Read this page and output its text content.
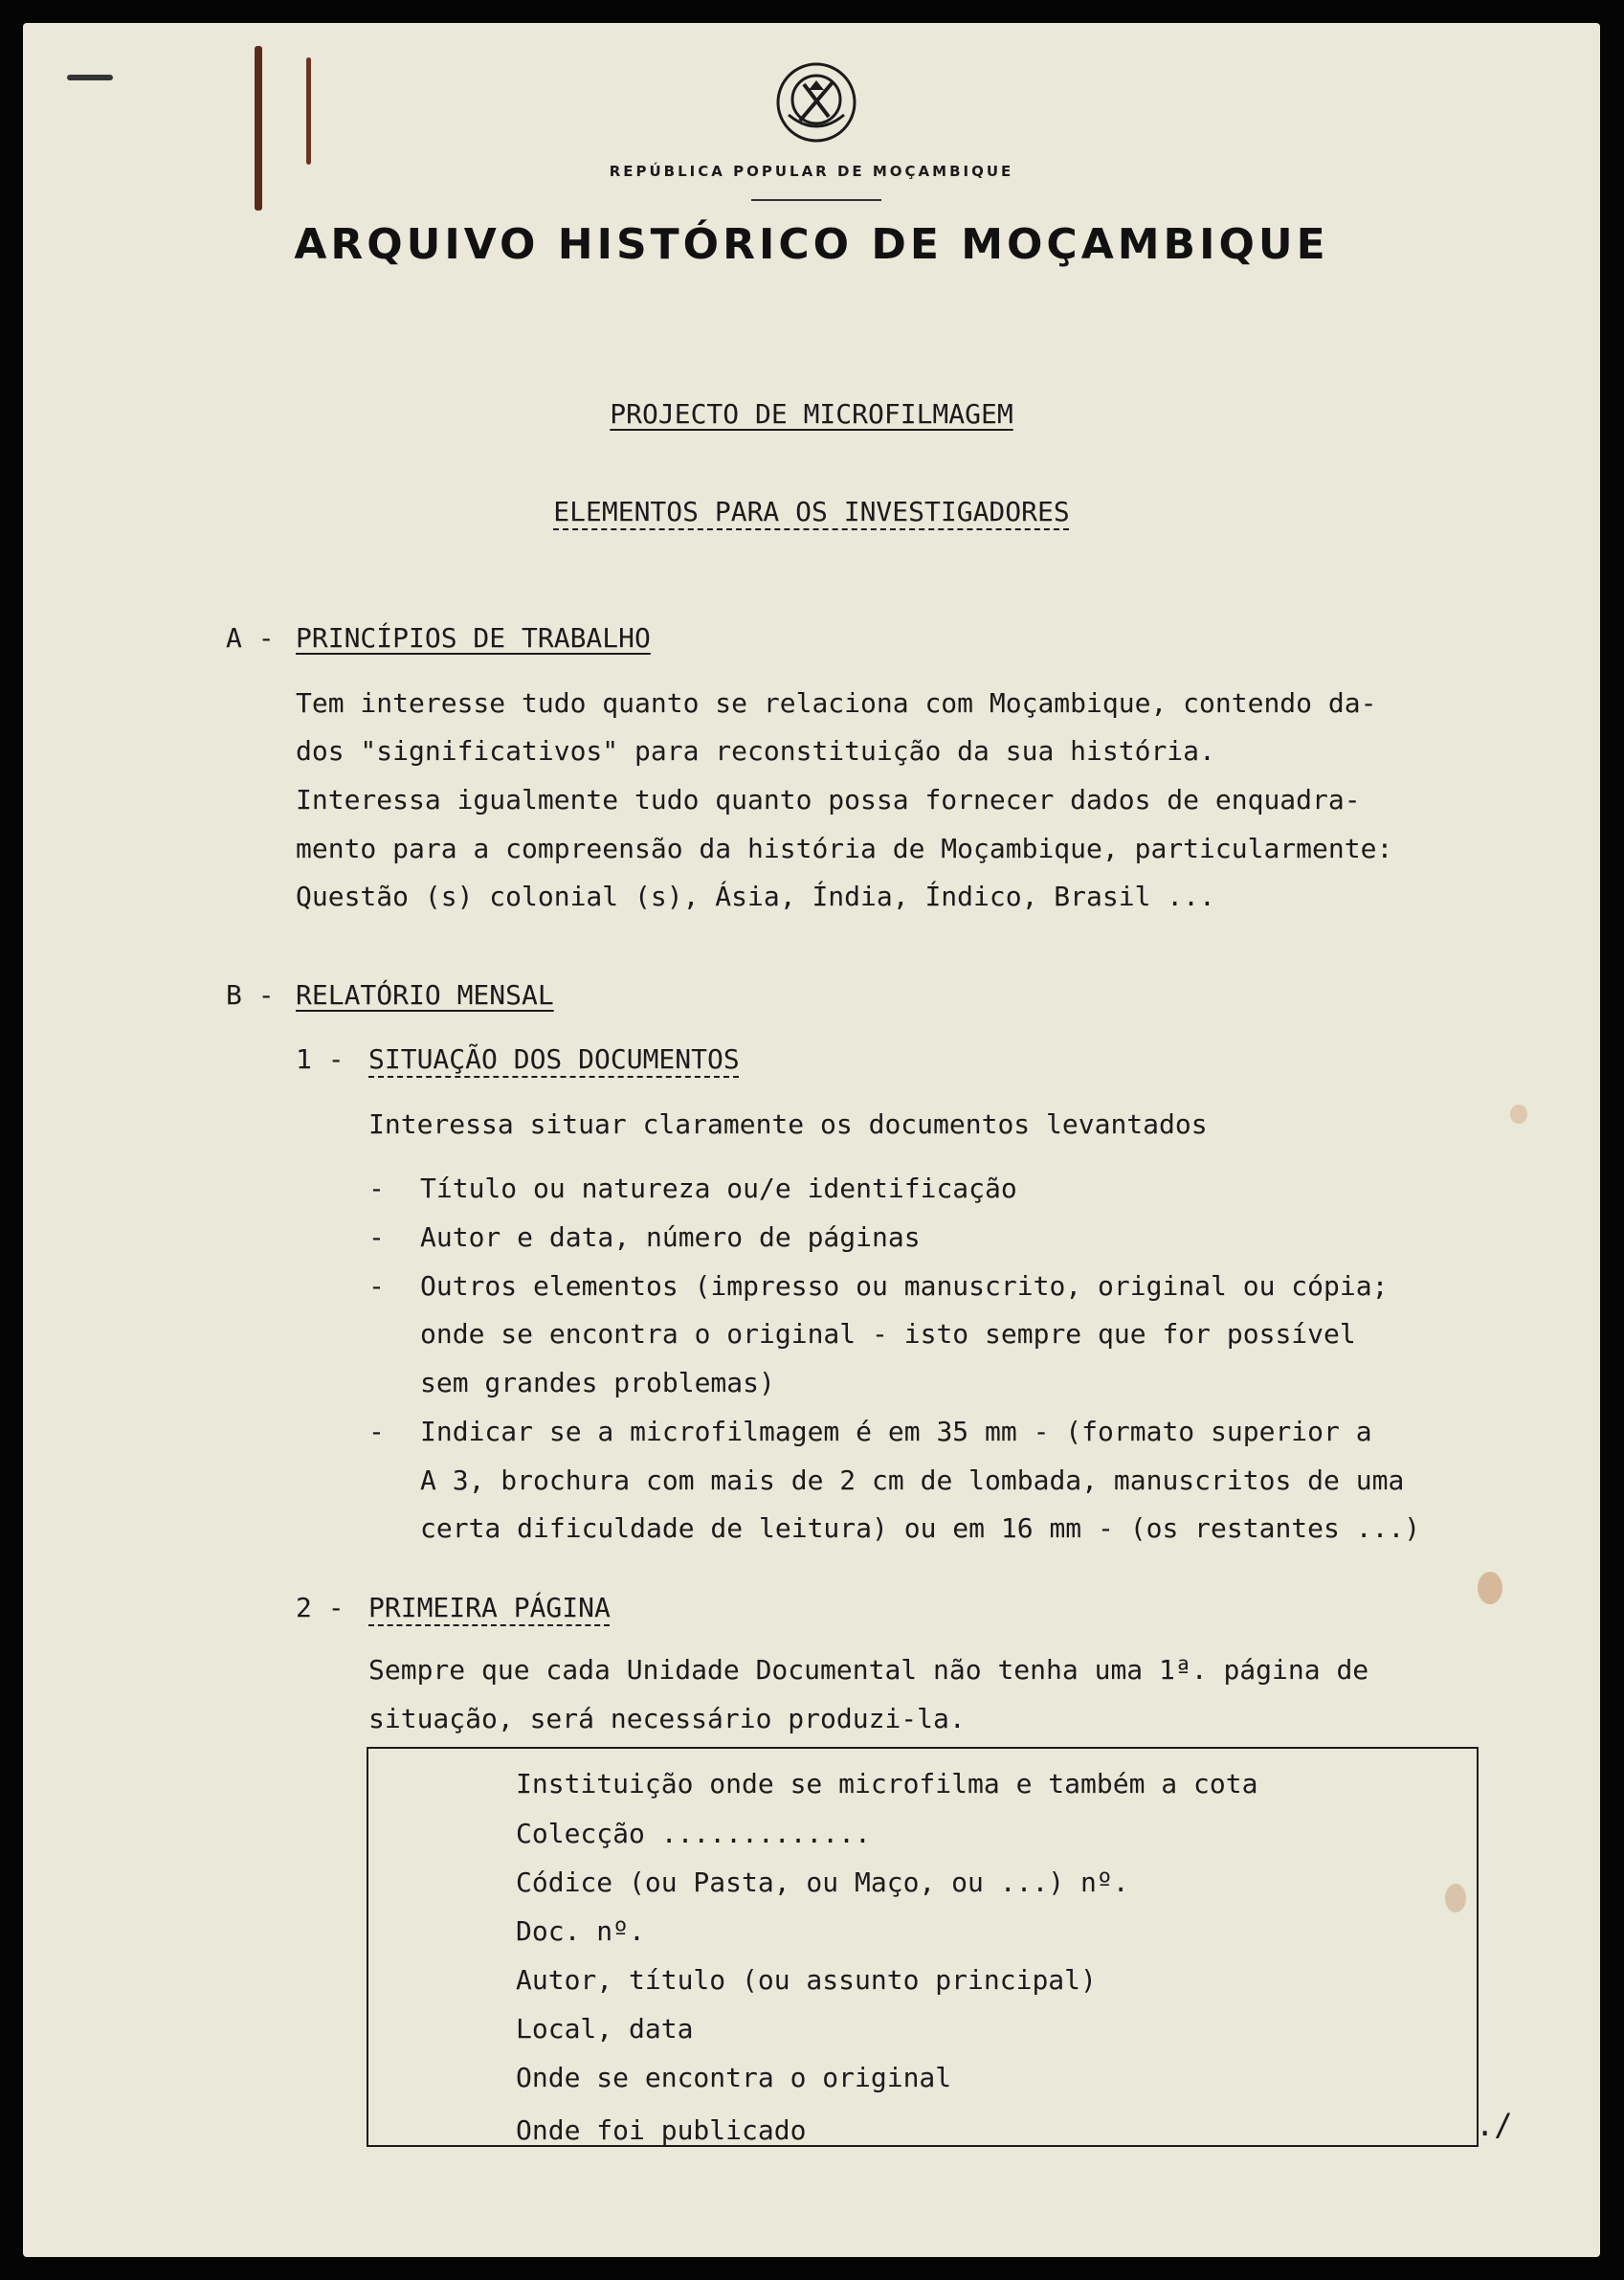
REPÚBLICA POPULAR DE MOÇAMBIQUE
ARQUIVO HISTÓRICO DE MOÇAMBIQUE
PROJECTO DE MICROFILMAGEM
ELEMENTOS PARA OS INVESTIGADORES
A - PRINCÍPIOS DE TRABALHO
Tem interesse tudo quanto se relaciona com Moçambique, contendo da-
dos "significativos" para reconstituição da sua história.
Interessa igualmente tudo quanto possa fornecer dados de enquadra-
mento para a compreensão da história de Moçambique, particularmente:
Questão (s) colonial (s), Ásia, Índia, Índico, Brasil ...
B - RELATÓRIO MENSAL
1 - SITUAÇÃO DOS DOCUMENTOS
Interessa situar claramente os documentos levantados
- Título ou natureza ou/e identificação
- Autor e data, número de páginas
- Outros elementos (impresso ou manuscrito, original ou cópia;
onde se encontra o original - isto sempre que for possível
sem grandes problemas)
- Indicar se a microfilmagem é em 35 mm - (formato superior a
A 3, brochura com mais de 2 cm de lombada, manuscritos de uma
certa dificuldade de leitura) ou em 16 mm - (os restantes ...)
2 - PRIMEIRA PÁGINA
Sempre que cada Unidade Documental não tenha uma 1ª. página de
situação, será necessário produzi-la.
Instituição onde se microfilma e também a cota
Colecção .............
Códice (ou Pasta, ou Maço, ou ...) nº.
Doc. nº.
Autor, título (ou assunto principal)
Local, data
Onde se encontra o original
Onde foi publicado	./
